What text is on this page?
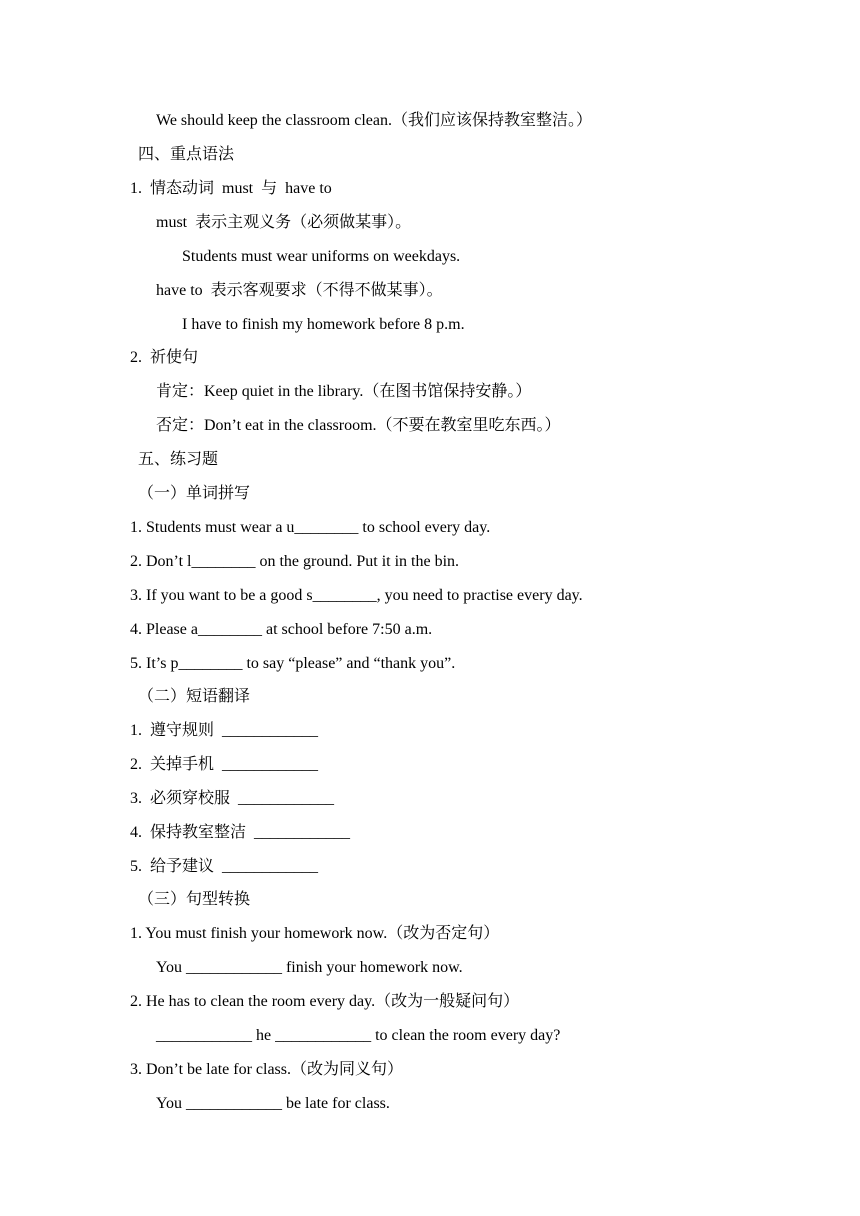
We should keep the classroom clean.（我们应该保持教室整洁。）
四、重点语法
1.  情态动词  must  与  have to
must  表示主观义务（必须做某事）。
Students must wear uniforms on weekdays.
have to  表示客观要求（不得不做某事）。
I have to finish my homework before 8 p.m.
2.  祈使句
肯定：Keep quiet in the library.（在图书馆保持安静。）
否定：Don’t eat in the classroom.（不要在教室里吃东西。）
五、练习题
（一）单词拼写
1. Students must wear a u________ to school every day.
2. Don’t l________ on the ground. Put it in the bin.
3. If you want to be a good s________, you need to practise every day.
4. Please a________ at school before 7:50 a.m.
5. It’s p________ to say “please” and “thank you”.
（二）短语翻译
1.  遵守规则  ____________
2.  关掉手机  ____________
3.  必须穿校服  ____________
4.  保持教室整洁  ____________
5.  给予建议  ____________
（三）句型转换
1. You must finish your homework now.（改为否定句）
You ____________ finish your homework now.
2. He has to clean the room every day.（改为一般疑问句）
____________ he ____________ to clean the room every day?
3. Don’t be late for class.（改为同义句）
You ____________ be late for class.
